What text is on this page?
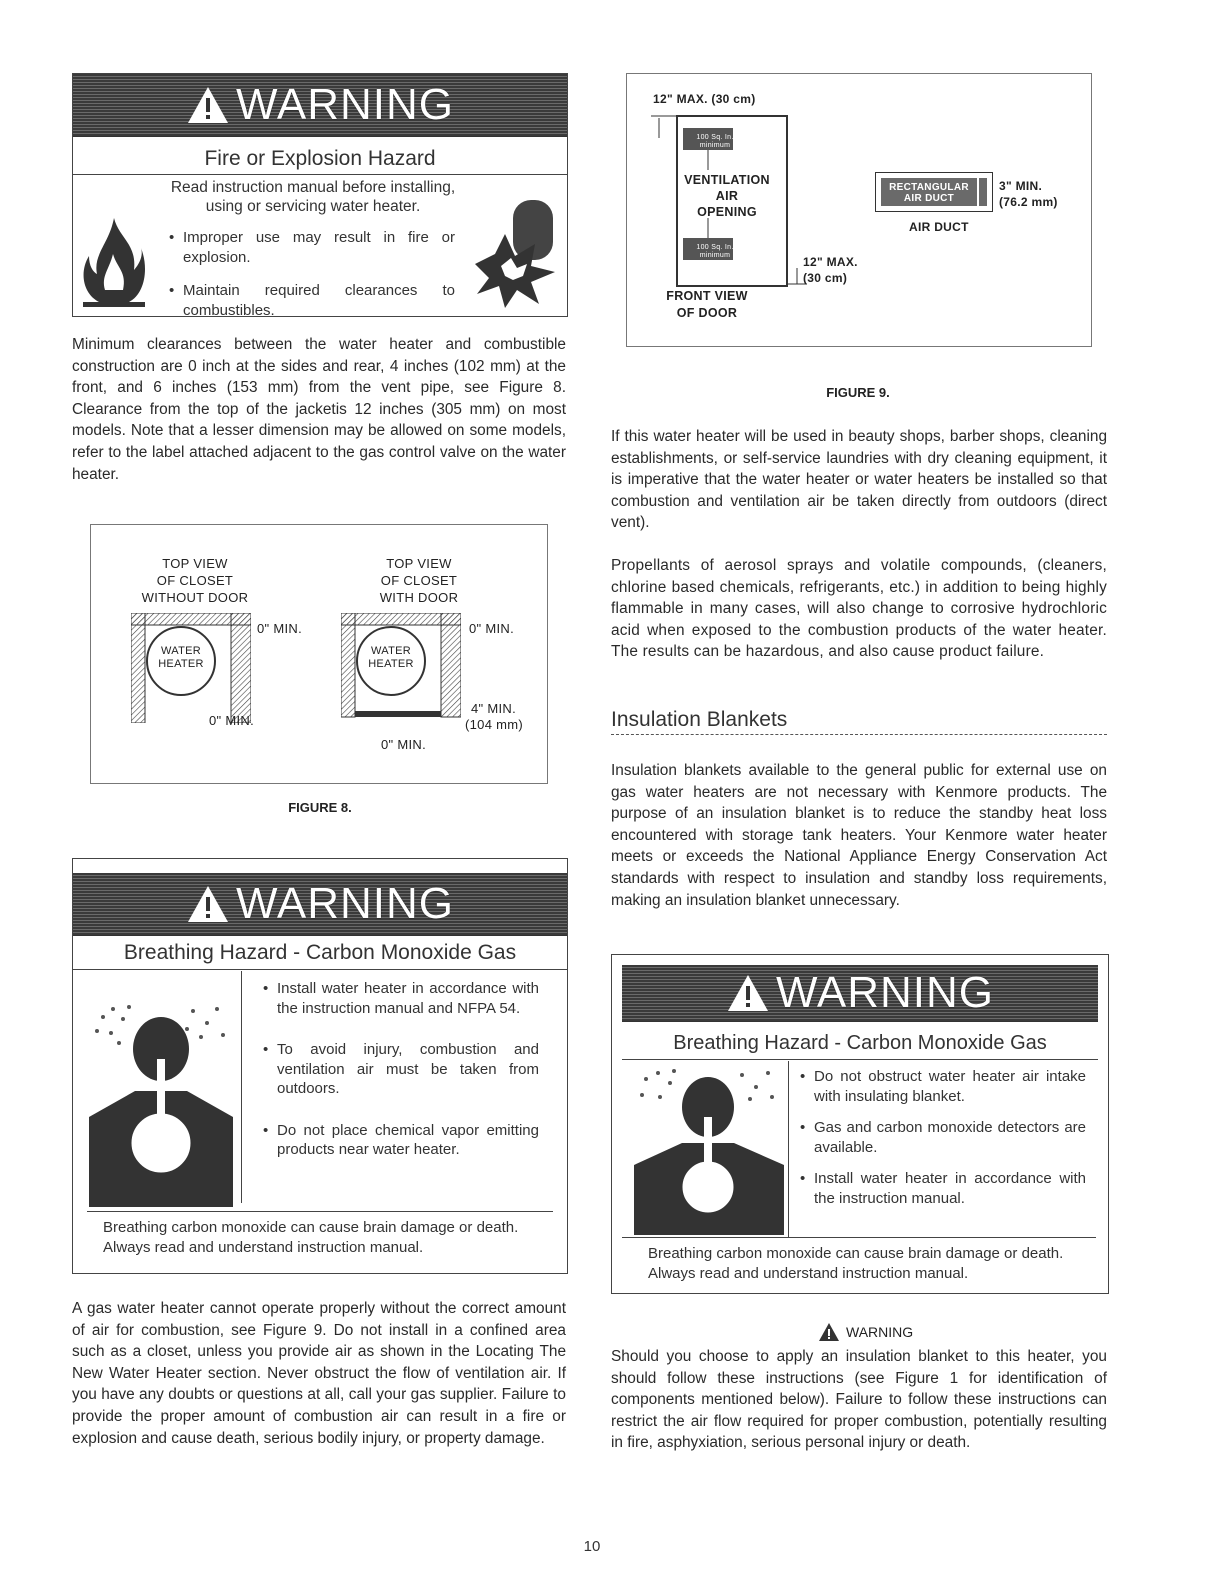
WARNING
Fire or Explosion Hazard
Read instruction manual before installing, using or servicing water heater.
• Improper use may result in fire or explosion.
• Maintain required clearances to combustibles.

Minimum clearances between the water heater and combustible construction are 0 inch at the sides and rear, 4 inches (102 mm) at the front, and 6 inches (153 mm) from the vent pipe, see Figure 8. Clearance from the top of the jacketis 12 inches (305 mm) on most models. Note that a lesser dimension may be allowed on some models, refer to the label attached adjacent to the gas control valve on the water heater.

TOP VIEW
OF CLOSET
WITHOUT DOOR
TOP VIEW
OF CLOSET
WITH DOOR
WATER
HEATER
0" MIN.
0" MIN.
WATER
HEATER
0" MIN.
4" MIN.
(104 mm)
0" MIN.
FIGURE 8.
WARNING
Breathing Hazard - Carbon Monoxide Gas
• Install water heater in accordance with the instruction manual and NFPA 54.
• To avoid injury, combustion and ventilation air must be taken from outdoors.
• Do not place chemical vapor emitting products near water heater.
Breathing carbon monoxide can cause brain damage or death. Always read and understand instruction manual.

A gas water heater cannot operate properly without the correct amount of air for combustion, see Figure 9. Do not install in a confined area such as a closet, unless you provide air as shown in the Locating The New Water Heater section. Never obstruct the flow of ventilation air. If you have any doubts or questions at all, call your gas supplier. Failure to provide the proper amount of combustion air can result in a fire or explosion and cause death, serious bodily injury, or property damage.

12" MAX. (30 cm)
100 Sq. In. minimum
100 Sq. In. minimum
VENTILATION
AIR
OPENING
12" MAX.
(30 cm)
FRONT VIEW
OF DOOR
RECTANGULAR
AIR DUCT
3" MIN.
(76.2 mm)
AIR DUCT
FIGURE 9.

If this water heater will be used in beauty shops, barber shops, cleaning establishments, or self-service laundries with dry cleaning equipment, it is imperative that the water heater or water heaters be installed so that combustion and ventilation air be taken directly from outdoors (direct vent).

Propellants of aerosol sprays and volatile compounds, (cleaners, chlorine based chemicals, refrigerants, etc.) in addition to being highly flammable in many cases, will also change to corrosive hydrochloric acid when exposed to the combustion products of the water heater. The results can be hazardous, and also cause product failure.

Insulation Blankets

Insulation blankets available to the general public for external use on gas water heaters are not necessary with Kenmore products. The purpose of an insulation blanket is to reduce the standby heat loss encountered with storage tank heaters. Your Kenmore water heater meets or exceeds the National Appliance Energy Conservation Act standards with respect to insulation and standby loss requirements, making an insulation blanket unnecessary.

WARNING
Breathing Hazard - Carbon Monoxide Gas
• Do not obstruct water heater air intake with insulating blanket.
• Gas and carbon monoxide detectors are available.
• Install water heater in accordance with the instruction manual.
Breathing carbon monoxide can cause brain damage or death. Always read and understand instruction manual.
WARNING

Should you choose to apply an insulation blanket to this heater, you should follow these instructions (see Figure 1 for identification of components mentioned below). Failure to follow these instructions can restrict the air flow required for proper combustion, potentially resulting in fire, asphyxiation, serious personal injury or death.

10
